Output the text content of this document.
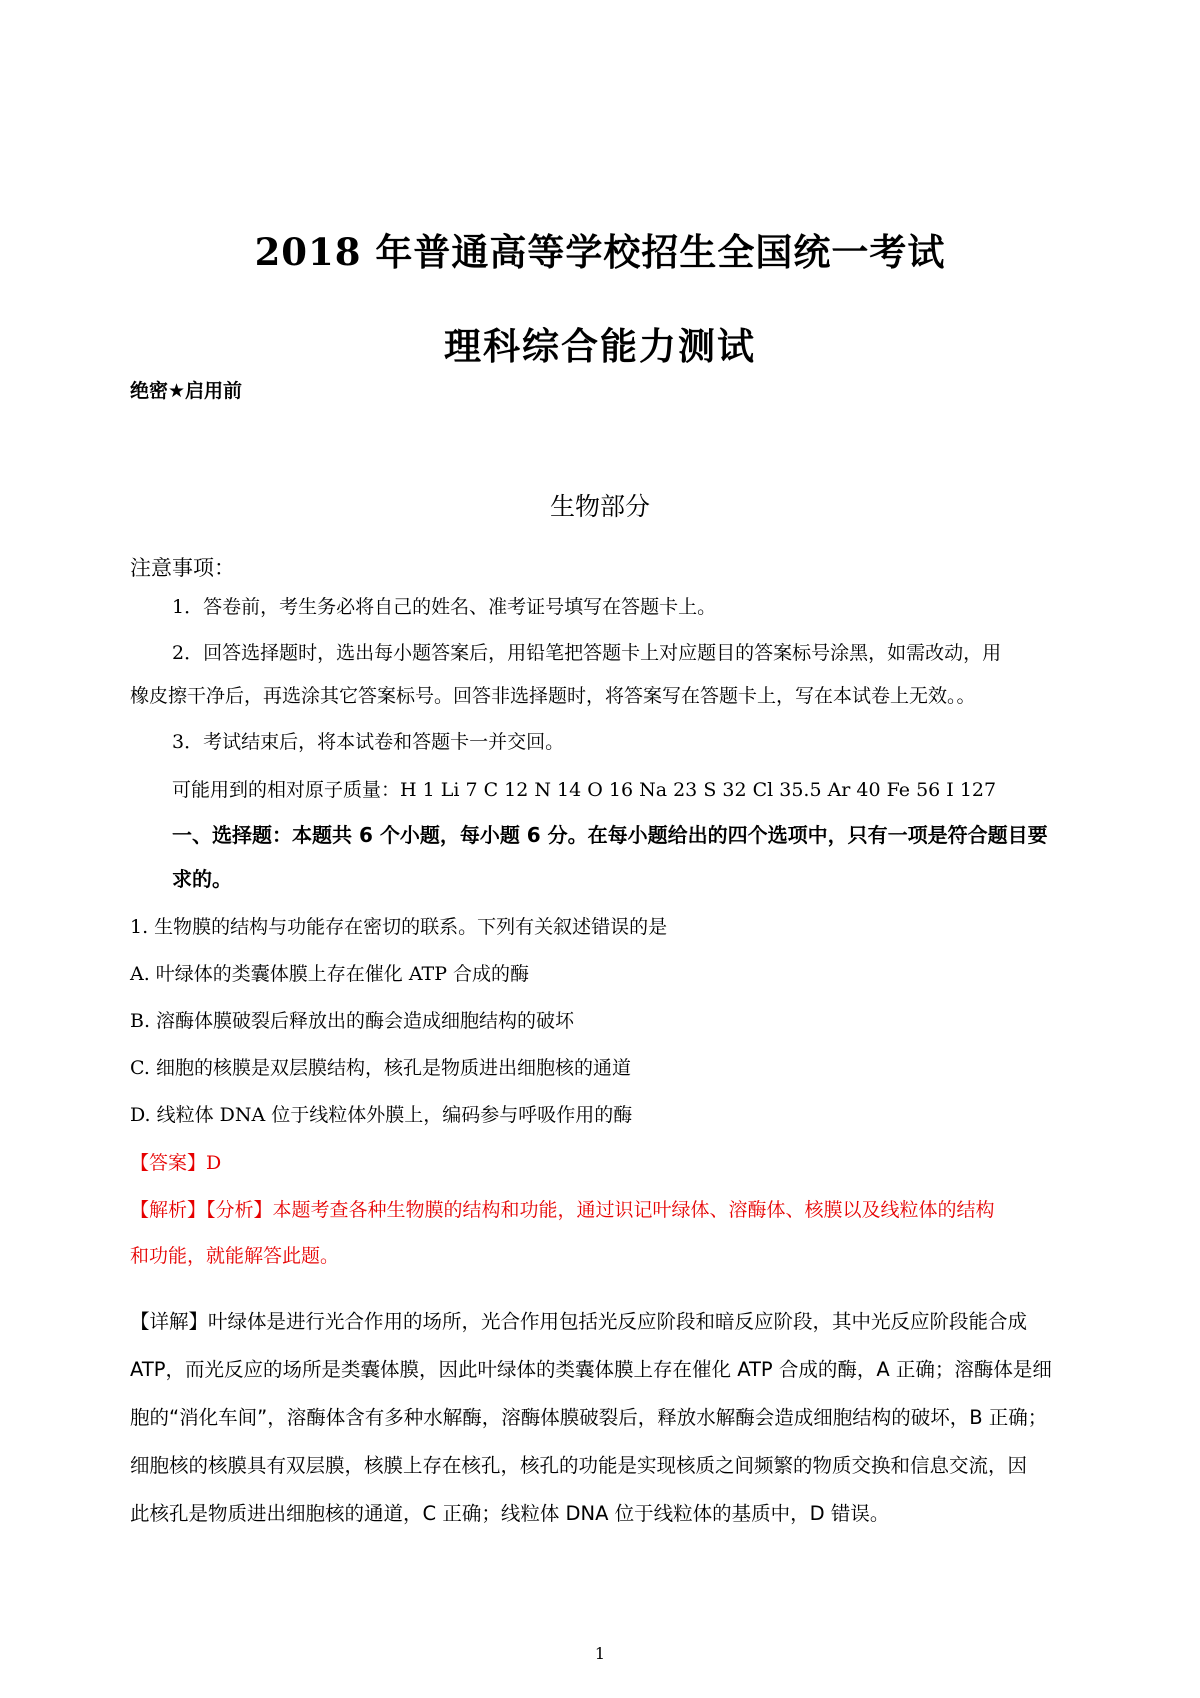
2018 年普通高等学校招生全国统一考试
理科综合能力测试
绝密★启用前
生物部分
注意事项：
1．答卷前，考生务必将自己的姓名、准考证号填写在答题卡上。
2．回答选择题时，选出每小题答案后，用铅笔把答题卡上对应题目的答案标号涂黑，如需改动，用
橡皮擦干净后，再选涂其它答案标号。回答非选择题时，将答案写在答题卡上，写在本试卷上无效。。
3．考试结束后，将本试卷和答题卡一并交回。
可能用到的相对原子质量：H 1 Li 7 C 12 N 14 O 16 Na 23 S 32 Cl 35.5 Ar 40 Fe 56 I 127
一、选择题：本题共 6 个小题，每小题 6 分。在每小题给出的四个选项中，只有一项是符合题目要
求的。
1. 生物膜的结构与功能存在密切的联系。下列有关叙述错误的是
A. 叶绿体的类囊体膜上存在催化 ATP 合成的酶
B. 溶酶体膜破裂后释放出的酶会造成细胞结构的破坏
C. 细胞的核膜是双层膜结构，核孔是物质进出细胞核的通道
D. 线粒体 DNA 位于线粒体外膜上，编码参与呼吸作用的酶
【答案】D
【解析】【分析】本题考查各种生物膜的结构和功能，通过识记叶绿体、溶酶体、核膜以及线粒体的结构
和功能，就能解答此题。
【详解】叶绿体是进行光合作用的场所，光合作用包括光反应阶段和暗反应阶段，其中光反应阶段能合成
ATP，而光反应的场所是类囊体膜，因此叶绿体的类囊体膜上存在催化 ATP 合成的酶，A 正确；溶酶体是细
胞的“消化车间”，溶酶体含有多种水解酶，溶酶体膜破裂后，释放水解酶会造成细胞结构的破坏，B 正确；
细胞核的核膜具有双层膜，核膜上存在核孔，核孔的功能是实现核质之间频繁的物质交换和信息交流，因
此核孔是物质进出细胞核的通道，C 正确；线粒体 DNA 位于线粒体的基质中，D 错误。
1
